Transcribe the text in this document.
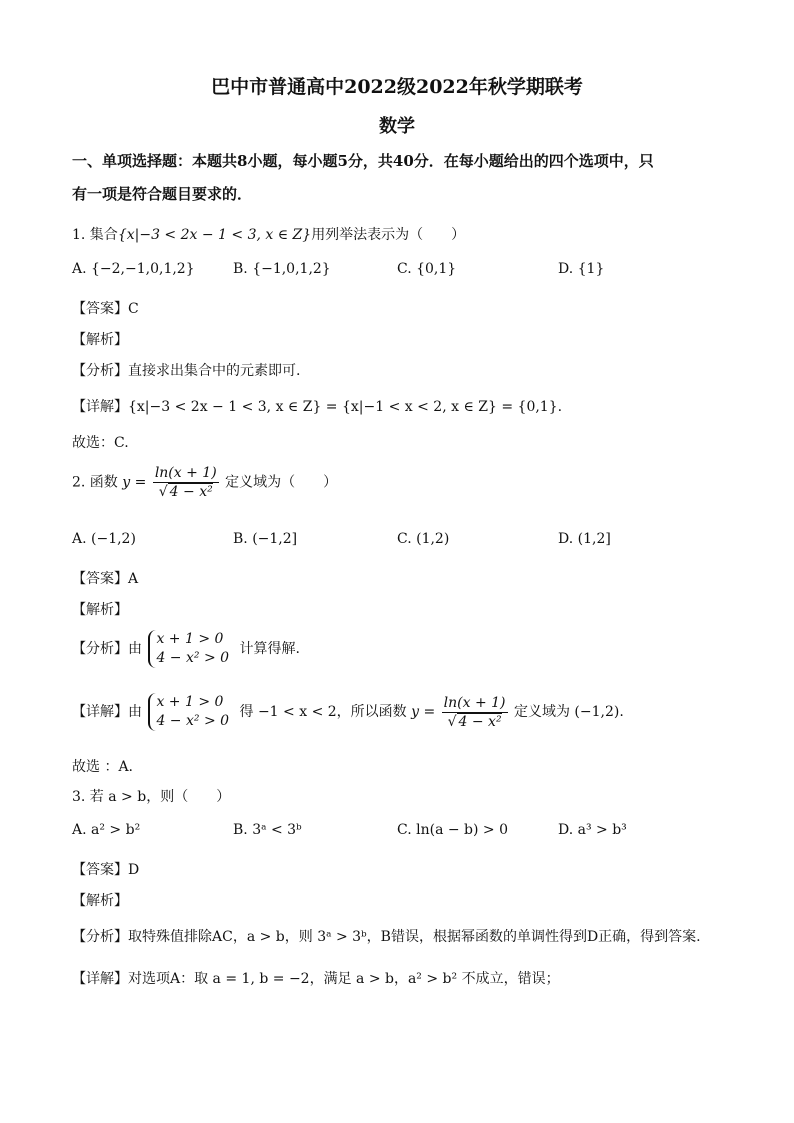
巴中市普通高中2022级2022年秋学期联考
数学
一、单项选择题：本题共8小题，每小题5分，共40分．在每小题给出的四个选项中，只
有一项是符合题目要求的．
1. 集合{x|−3 < 2x − 1 < 3, x ∈ Z}用列举法表示为（　　）
A. {−2,−1,0,1,2}	B. {−1,0,1,2}	C. {0,1}	D. {1}
【答案】C
【解析】
【分析】直接求出集合中的元素即可.
【详解】{x|−3 < 2x − 1 < 3, x ∈ Z} = {x|−1 < x < 2, x ∈ Z} = {0,1}.
故选：C.
2. 函数 $y = \frac{\ln(x + 1)}{\text{√ 4 − x²}}$ 定义域为（　　）
A. (−1,2)	B. (−1,2]	C. (1,2)	D. (1,2]
【答案】A
【解析】
【分析】由
x + 1 > 0
4 − x² > 0
计算得解.
【详解】由
x + 1 > 0
4 − x² > 0
得 −1 < x < 2，所以函数 $y = \frac{\ln(x + 1)}{\text{√ 4 − x²}}$ 定义域为 (−1,2).
故选 ：A.
3. 若 a > b，则（　　）
A. a² > b²	B. 3ᵃ < 3ᵇ	C. ln(a − b) > 0	D. a³ > b³
【答案】D
【解析】
【分析】取特殊值排除AC，a > b，则 3ᵃ > 3ᵇ，B错误，根据幂函数的单调性得到D正确，得到答案.
【详解】对选项A：取 a = 1, b = −2，满足 a > b，a² > b² 不成立，错误；
